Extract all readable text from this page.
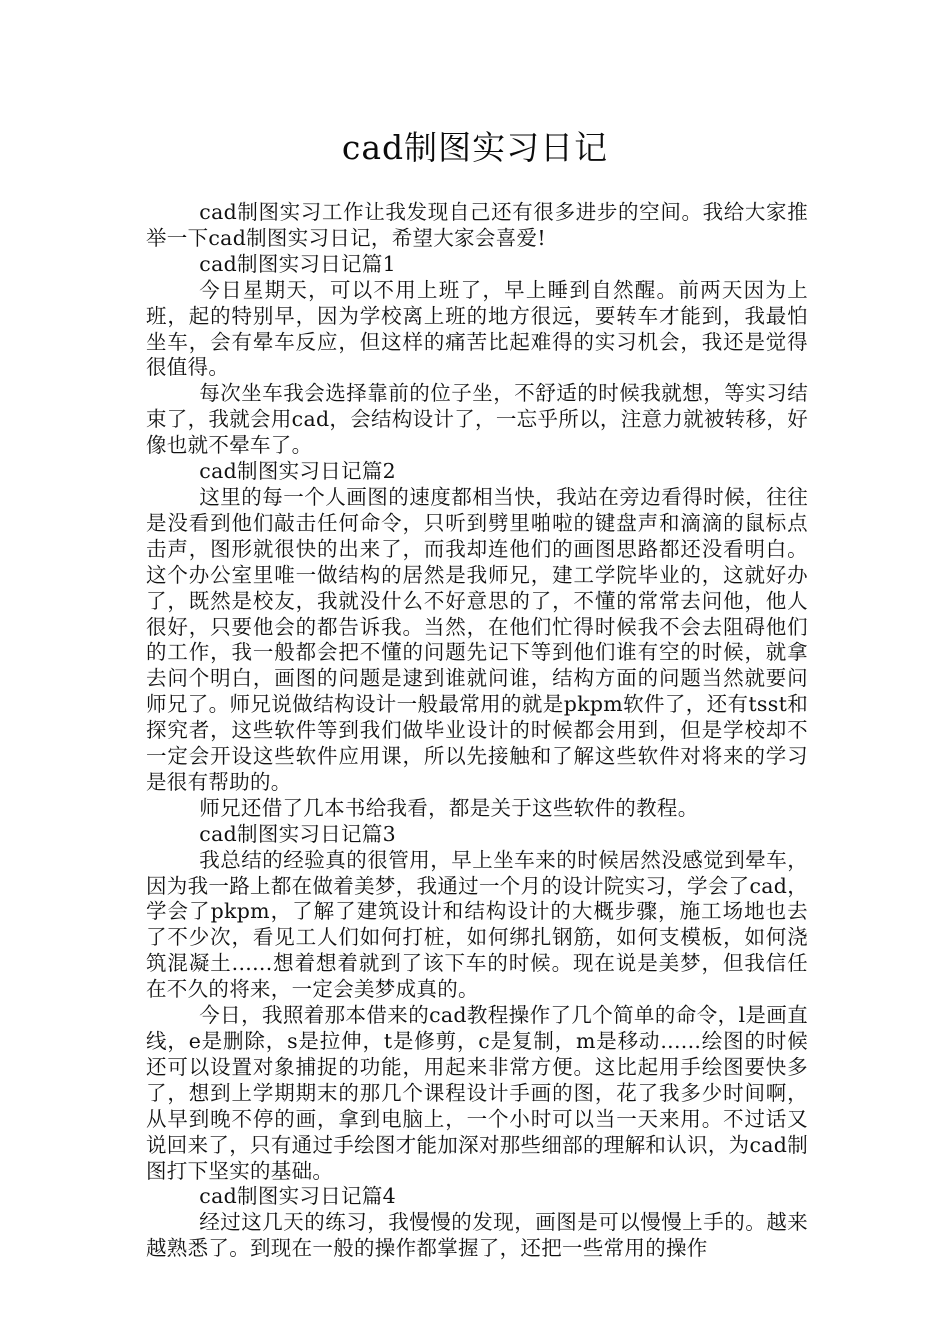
cad制图实习日记

cad制图实习工作让我发现自己还有很多进步的空间。我给大家推举一下cad制图实习日记，希望大家会喜爱!

cad制图实习日记篇1

今日星期天，可以不用上班了，早上睡到自然醒。前两天因为上班，起的特别早，因为学校离上班的地方很远，要转车才能到，我最怕坐车，会有晕车反应，但这样的痛苦比起难得的实习机会，我还是觉得很值得。

每次坐车我会选择靠前的位子坐，不舒适的时候我就想，等实习结束了，我就会用cad，会结构设计了，一忘乎所以，注意力就被转移，好像也就不晕车了。

cad制图实习日记篇2

这里的每一个人画图的速度都相当快，我站在旁边看得时候，往往是没看到他们敲击任何命令，只听到劈里啪啦的键盘声和滴滴的鼠标点击声，图形就很快的出来了，而我却连他们的画图思路都还没看明白。这个办公室里唯一做结构的居然是我师兄，建工学院毕业的，这就好办了，既然是校友，我就没什么不好意思的了，不懂的常常去问他，他人很好，只要他会的都告诉我。当然，在他们忙得时候我不会去阻碍他们的工作，我一般都会把不懂的问题先记下等到他们谁有空的时候，就拿去问个明白，画图的问题是逮到谁就问谁，结构方面的问题当然就要问师兄了。师兄说做结构设计一般最常用的就是pkpm软件了，还有tsst和探究者，这些软件等到我们做毕业设计的时候都会用到，但是学校却不一定会开设这些软件应用课，所以先接触和了解这些软件对将来的学习是很有帮助的。

师兄还借了几本书给我看，都是关于这些软件的教程。

cad制图实习日记篇3

我总结的经验真的很管用，早上坐车来的时候居然没感觉到晕车，因为我一路上都在做着美梦，我通过一个月的设计院实习，学会了cad，学会了pkpm，了解了建筑设计和结构设计的大概步骤，施工场地也去了不少次，看见工人们如何打桩，如何绑扎钢筋，如何支模板，如何浇筑混凝土......想着想着就到了该下车的时候。现在说是美梦，但我信任在不久的将来，一定会美梦成真的。

今日，我照着那本借来的cad教程操作了几个简单的命令，l是画直线，e是删除，s是拉伸，t是修剪，c是复制，m是移动......绘图的时候还可以设置对象捕捉的功能，用起来非常方便。这比起用手绘图要快多了，想到上学期期末的那几个课程设计手画的图，花了我多少时间啊，从早到晚不停的画，拿到电脑上，一个小时可以当一天来用。不过话又说回来了，只有通过手绘图才能加深对那些细部的理解和认识，为cad制图打下坚实的基础。

cad制图实习日记篇4

经过这几天的练习，我慢慢的发现，画图是可以慢慢上手的。越来越熟悉了。到现在一般的操作都掌握了，还把一些常用的操作
